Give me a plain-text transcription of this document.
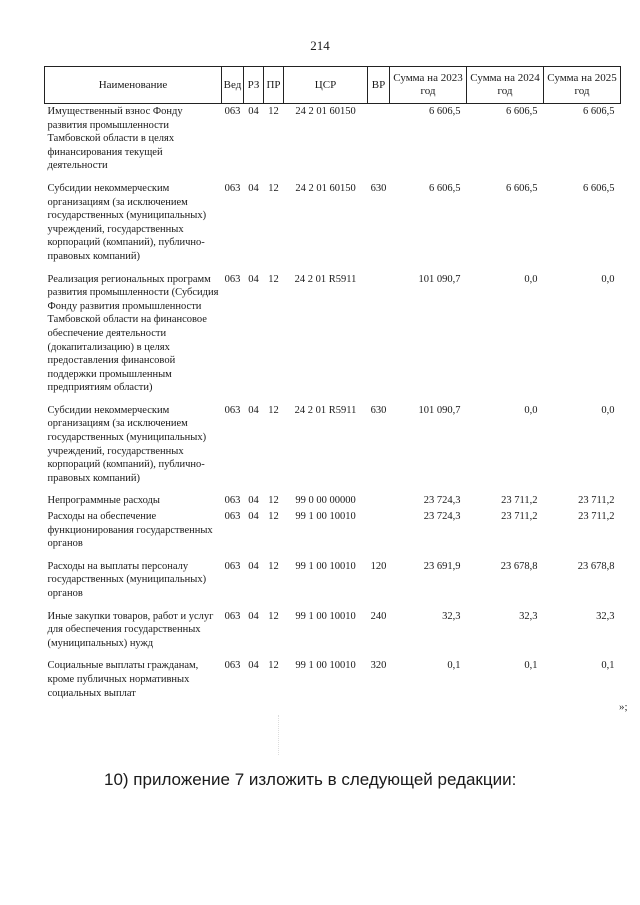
214
Наименование	Вед	РЗ	ПР	ЦСР	ВР	Сумма на 2023 год	Сумма на 2024 год	Сумма на 2025 год
Имущественный взнос Фонду развития промышленности Тамбовской области в целях финансирования текущей деятельности	063	04	12	24 2 01 60150		6 606,5	6 606,5	6 606,5
Субсидии некоммерческим организациям (за исключением государственных (муниципальных) учреждений, государственных корпораций (компаний), публично-правовых компаний)	063	04	12	24 2 01 60150	630	6 606,5	6 606,5	6 606,5
Реализация региональных программ развития промышленности (Субсидия Фонду развития промышленности Тамбовской области на финансовое обеспечение деятельности (докапитализацию) в целях предоставления финансовой поддержки промышленным предприятиям области)	063	04	12	24 2 01 R5911		101 090,7	0,0	0,0
Субсидии некоммерческим организациям (за исключением государственных (муниципальных) учреждений, государственных корпораций (компаний), публично-правовых компаний)	063	04	12	24 2 01 R5911	630	101 090,7	0,0	0,0
Непрограммные расходы	063	04	12	99 0 00 00000		23 724,3	23 711,2	23 711,2
Расходы на обеспечение функционирования государственных органов	063	04	12	99 1 00 10010		23 724,3	23 711,2	23 711,2
Расходы на выплаты персоналу государственных (муниципальных) органов	063	04	12	99 1 00 10010	120	23 691,9	23 678,8	23 678,8
Иные закупки товаров, работ и услуг для обеспечения государственных (муниципальных) нужд	063	04	12	99 1 00 10010	240	32,3	32,3	32,3
Социальные выплаты гражданам, кроме публичных нормативных социальных выплат	063	04	12	99 1 00 10010	320	0,1	0,1	0,1
»;
10) приложение 7 изложить в следующей редакции:
